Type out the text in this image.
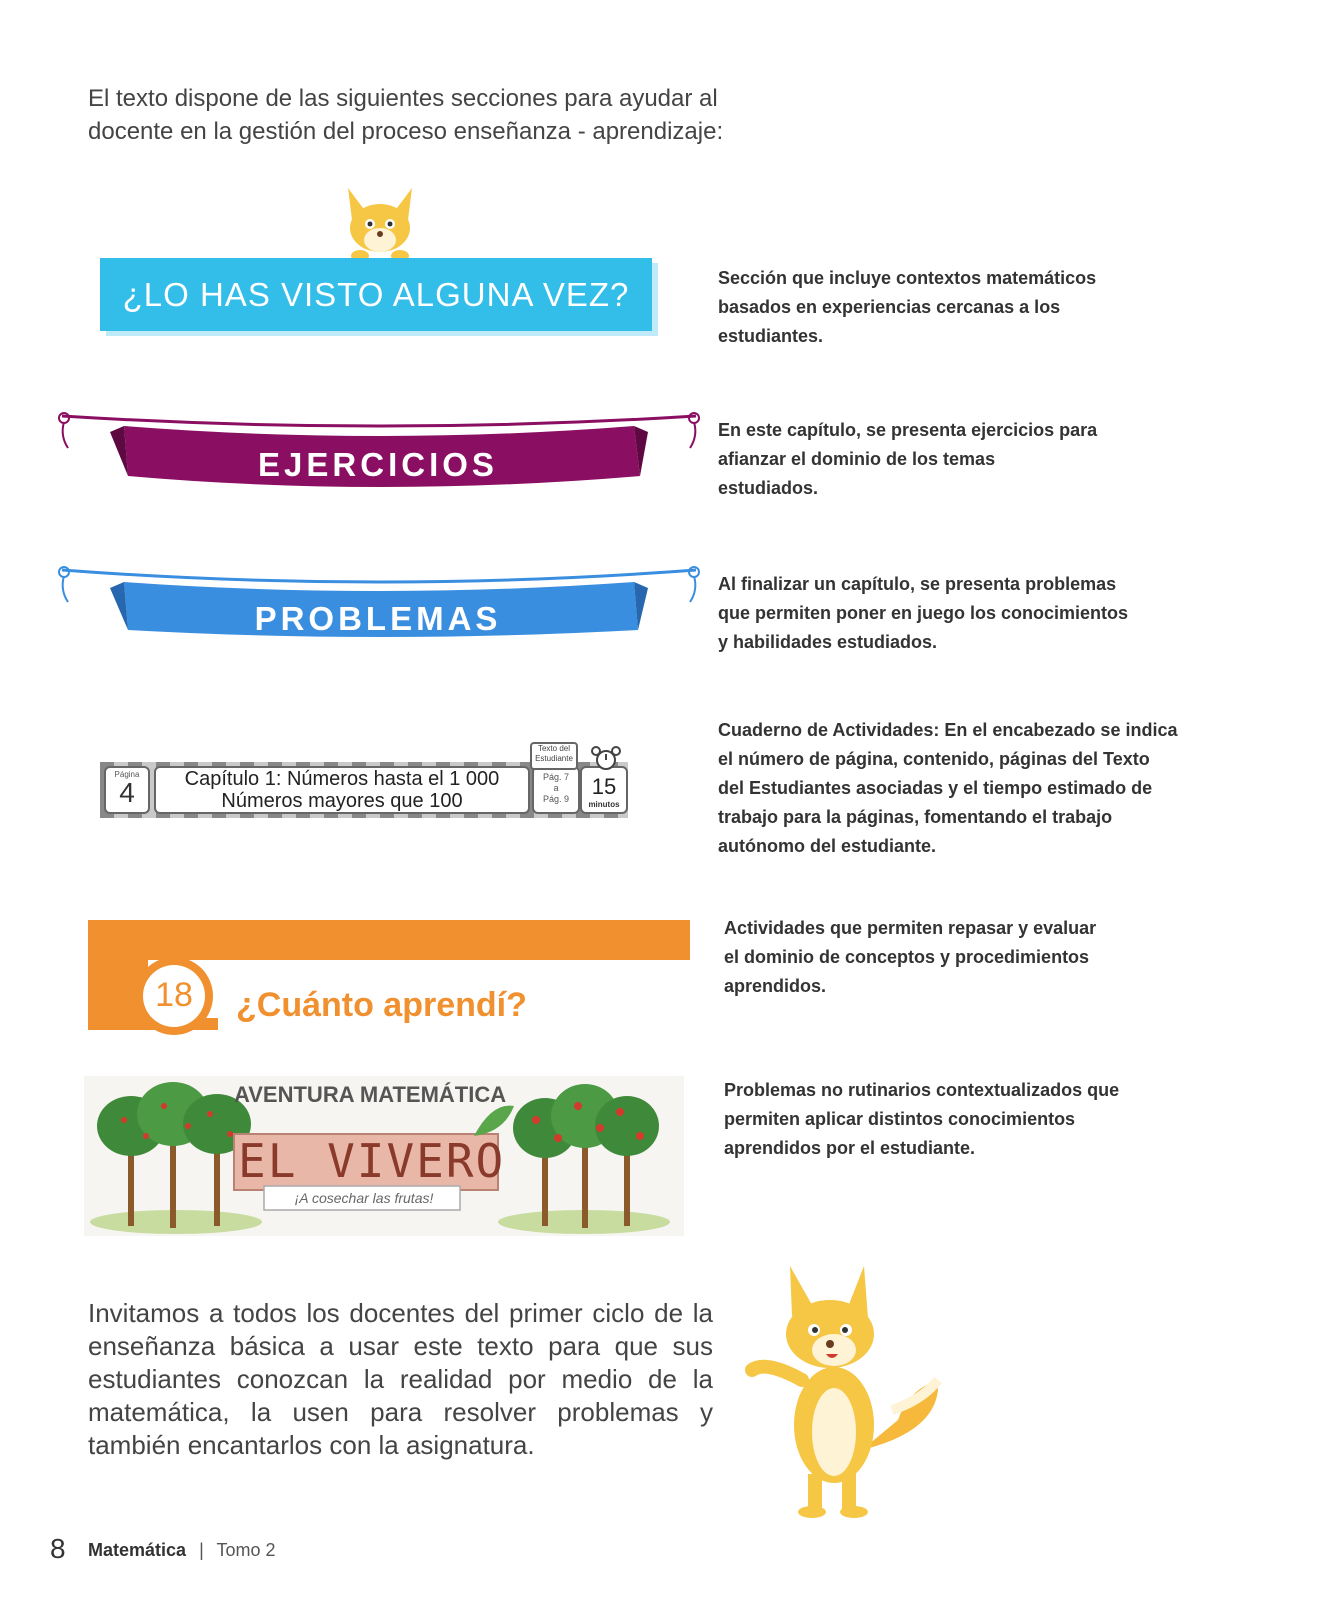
El texto dispone de las siguientes secciones para ayudar al docente en la gestión del proceso enseñanza - aprendizaje:
¿LO HAS VISTO ALGUNA VEZ?	Sección que incluye contextos matemáticos basados en experiencias cercanas a los estudiantes.
EJERCICIOS
En este capítulo, se presenta ejercicios para afianzar el dominio de los temas estudiados.
PROBLEMAS
Al finalizar un capítulo, se presenta problemas que permiten poner en juego los conocimientos y habilidades estudiados.
Página
4	Capítulo 1: Números hasta el 1 000
Números mayores que 100
Pág. 7
a
Pág. 9	15
minutos
Texto del
Estudiante
Cuaderno de Actividades: En el encabezado se indica el número de página, contenido, páginas del Texto del Estudiantes asociadas y el tiempo estimado de trabajo para la páginas, fomentando el trabajo autónomo del estudiante.
18 ¿Cuánto aprendí?
Actividades que permiten repasar y evaluar el dominio de conceptos y procedimientos aprendidos.
AVENTURA MATEMÁTICA
EL VIVERO
¡A cosechar las frutas!
Problemas no rutinarios contextualizados que permiten aplicar distintos conocimientos aprendidos por el estudiante.
Invitamos a todos los docentes del primer ciclo de la enseñanza básica a usar este texto para que sus estudiantes conozcan la realidad por medio de la matemática, la usen para resolver problemas y también encantarlos con la asignatura.
8 Matemática | Tomo 2
